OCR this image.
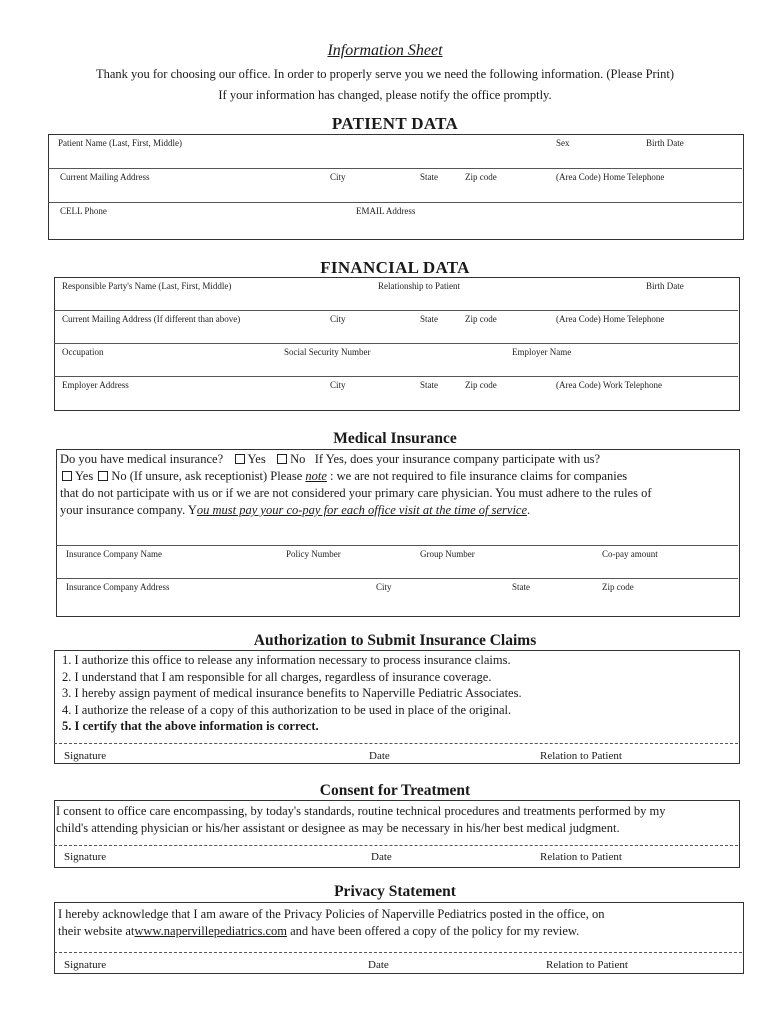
Information Sheet
Thank you for choosing our office. In order to properly serve you we need the following information. (Please Print)
If your information has changed, please notify the office promptly.
PATIENT DATA
Patient Name (Last, First, Middle)	Sex	Birth Date
Current Mailing Address	City	State	Zip code	(Area Code) Home Telephone
CELL Phone	EMAIL Address
FINANCIAL DATA
Responsible Party's Name (Last, First, Middle)	Relationship to Patient	Birth Date
Current Mailing Address (If different than above)	City	State	Zip code	(Area Code) Home Telephone
Occupation	Social Security Number	Employer Name
Employer Address	City	State	Zip code	(Area Code) Work Telephone
Medical Insurance
Do you have medical insurance? Yes No If Yes, does your insurance company participate with us?
Yes No (If unsure, ask receptionist) Please note : we are not required to file insurance claims for companies
that do not participate with us or if we are not considered your primary care physician. You must adhere to the rules of
your insurance company. You must pay your co-pay for each office visit at the time of service.
Insurance Company Name	Policy Number	Group Number	Co-pay amount
Insurance Company Address	City	State	Zip code
Authorization to Submit Insurance Claims
1. I authorize this office to release any information necessary to process insurance claims.
2. I understand that I am responsible for all charges, regardless of insurance coverage.
3. I hereby assign payment of medical insurance benefits to Naperville Pediatric Associates.
4. I authorize the release of a copy of this authorization to be used in place of the original.
5. I certify that the above information is correct.
Signature	Date	Relation to Patient
Consent for Treatment
I consent to office care encompassing, by today's standards, routine technical procedures and treatments performed by my
child's attending physician or his/her assistant or designee as may be necessary in his/her best medical judgment.
Signature	Date	Relation to Patient
Privacy Statement
I hereby acknowledge that I am aware of the Privacy Policies of Naperville Pediatrics posted in the office, on
their website atwww.napervillepediatrics.com and have been offered a copy of the policy for my review.
Signature	Date	Relation to Patient
